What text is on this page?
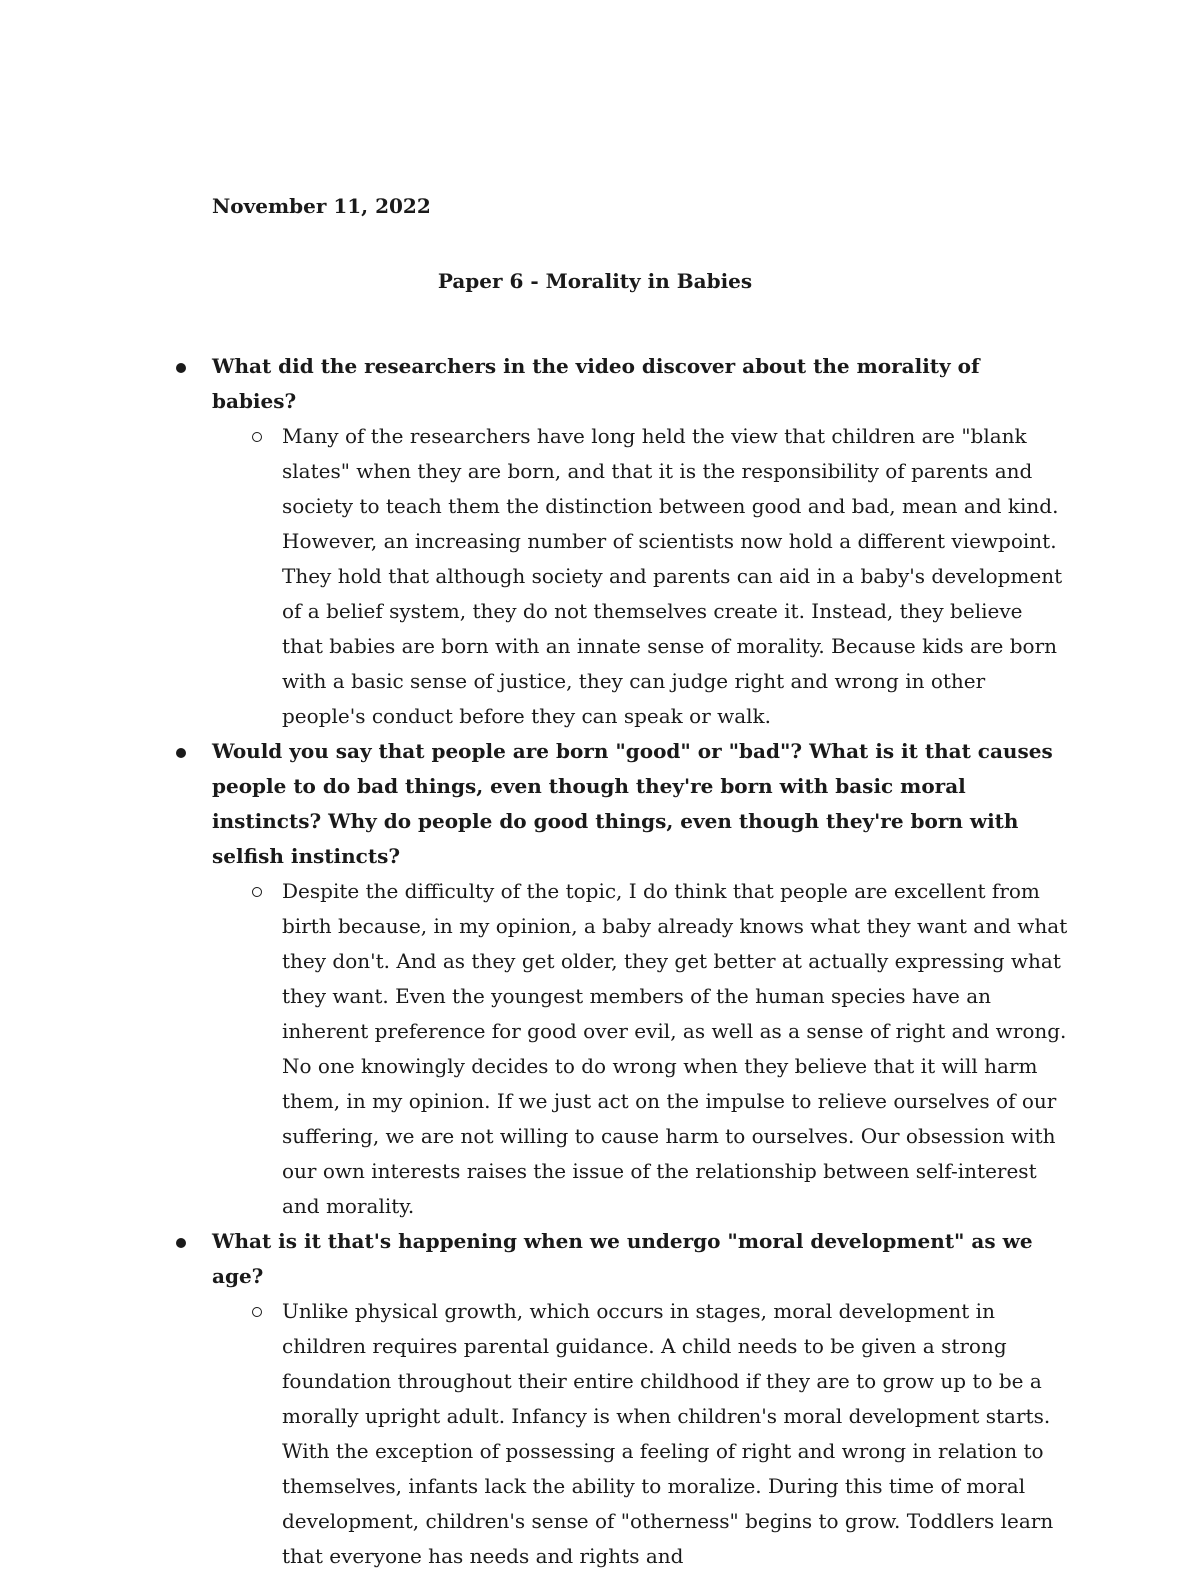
November 11, 2022

Paper 6 - Morality in Babies

What did the researchers in the video discover about the morality of babies?
Many of the researchers have long held the view that children are "blank slates" when they are born, and that it is the responsibility of parents and society to teach them the distinction between good and bad, mean and kind. However, an increasing number of scientists now hold a different viewpoint. They hold that although society and parents can aid in a baby's development of a belief system, they do not themselves create it. Instead, they believe that babies are born with an innate sense of morality. Because kids are born with a basic sense of justice, they can judge right and wrong in other people's conduct before they can speak or walk.
Would you say that people are born "good" or "bad"? What is it that causes people to do bad things, even though they're born with basic moral instincts? Why do people do good things, even though they're born with selfish instincts?
Despite the difficulty of the topic, I do think that people are excellent from birth because, in my opinion, a baby already knows what they want and what they don't. And as they get older, they get better at actually expressing what they want. Even the youngest members of the human species have an inherent preference for good over evil, as well as a sense of right and wrong. No one knowingly decides to do wrong when they believe that it will harm them, in my opinion. If we just act on the impulse to relieve ourselves of our suffering, we are not willing to cause harm to ourselves. Our obsession with our own interests raises the issue of the relationship between self-interest and morality.
What is it that's happening when we undergo "moral development" as we age?
Unlike physical growth, which occurs in stages, moral development in children requires parental guidance. A child needs to be given a strong foundation throughout their entire childhood if they are to grow up to be a morally upright adult. Infancy is when children's moral development starts. With the exception of possessing a feeling of right and wrong in relation to themselves, infants lack the ability to moralize. During this time of moral development, children's sense of "otherness" begins to grow. Toddlers learn that everyone has needs and rights and
